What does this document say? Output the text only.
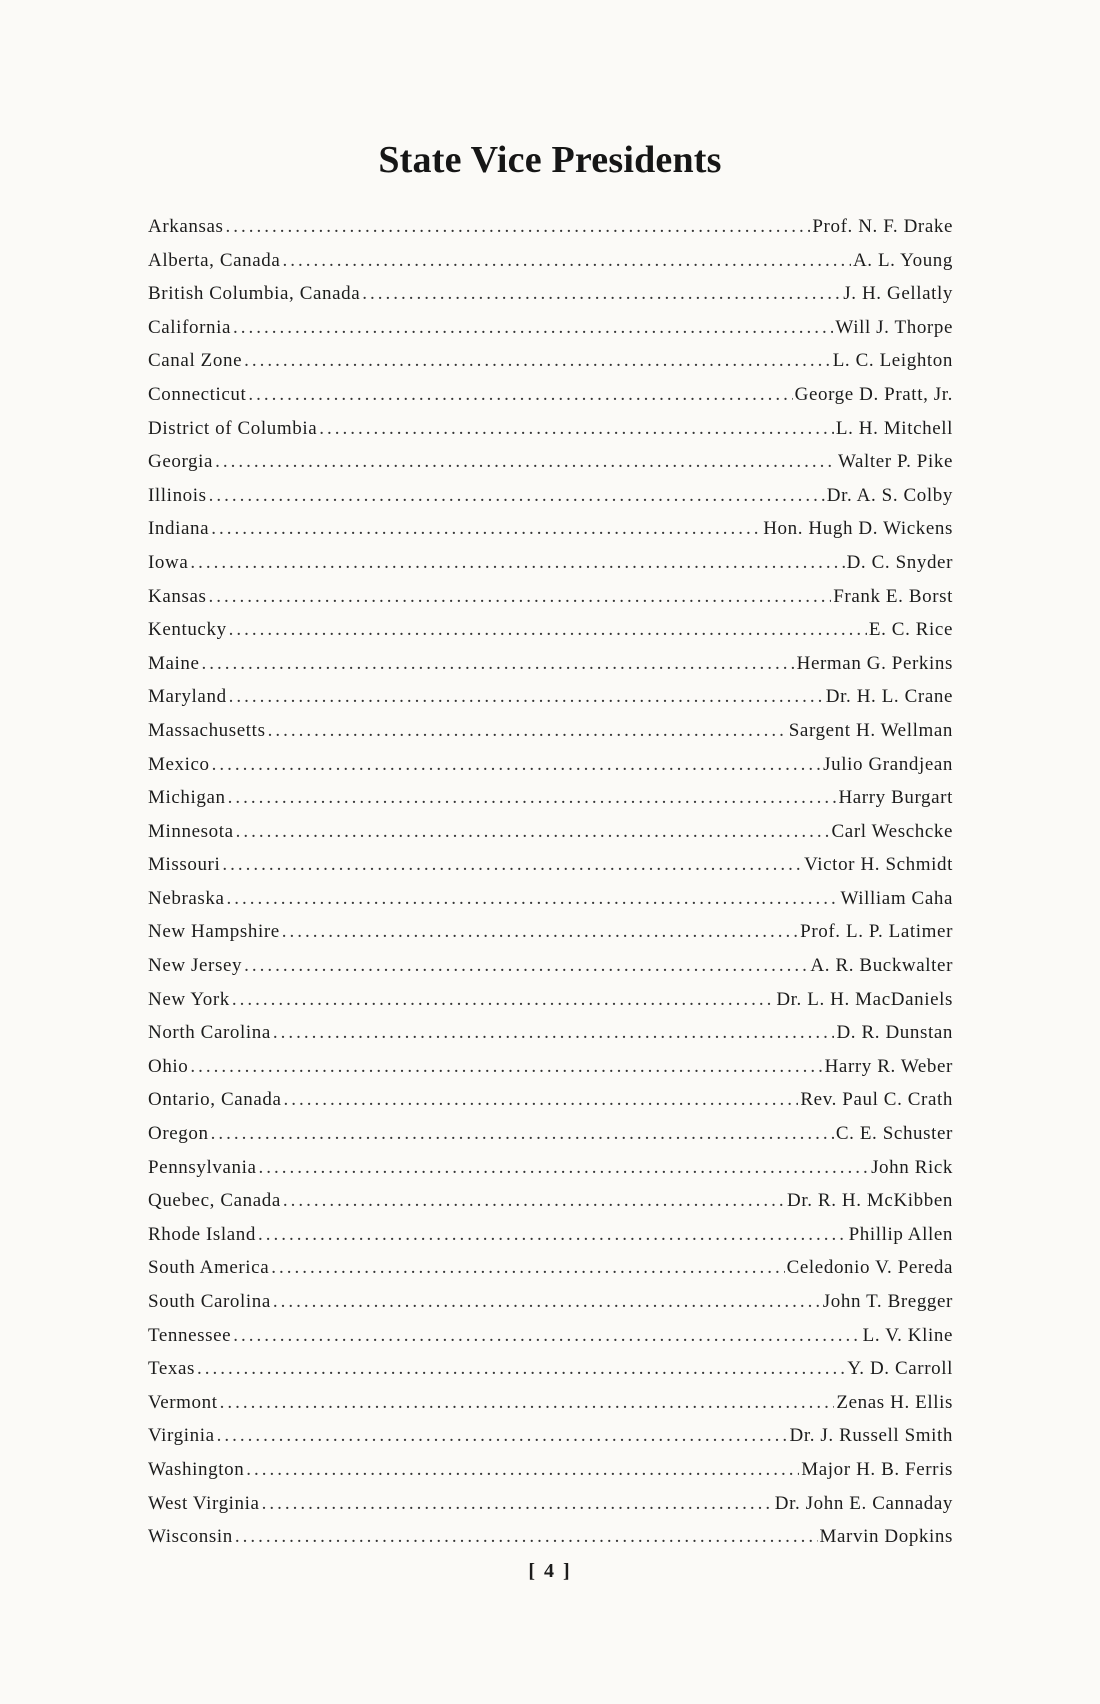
State Vice Presidents
Arkansas .....	Prof. N. F. Drake
Alberta, Canada .....	A. L. Young
British Columbia, Canada .....	J. H. Gellatly
California .....	Will J. Thorpe
Canal Zone .....	L. C. Leighton
Connecticut .....	George D. Pratt, Jr.
District of Columbia .....	L. H. Mitchell
Georgia .....	Walter P. Pike
Illinois .....	Dr. A. S. Colby
Indiana .....	Hon. Hugh D. Wickens
Iowa .....	D. C. Snyder
Kansas .....	Frank E. Borst
Kentucky .....	E. C. Rice
Maine .....	Herman G. Perkins
Maryland .....	Dr. H. L. Crane
Massachusetts .....	Sargent H. Wellman
Mexico .....	Julio Grandjean
Michigan .....	Harry Burgart
Minnesota .....	Carl Weschcke
Missouri .....	Victor H. Schmidt
Nebraska .....	William Caha
New Hampshire .....	Prof. L. P. Latimer
New Jersey .....	A. R. Buckwalter
New York .....	Dr. L. H. MacDaniels
North Carolina .....	D. R. Dunstan
Ohio .....	Harry R. Weber
Ontario, Canada .....	Rev. Paul C. Crath
Oregon .....	C. E. Schuster
Pennsylvania .....	John Rick
Quebec, Canada .....	Dr. R. H. McKibben
Rhode Island .....	Phillip Allen
South America .....	Celedonio V. Pereda
South Carolina .....	John T. Bregger
Tennessee .....	L. V. Kline
Texas .....	Y. D. Carroll
Vermont .....	Zenas H. Ellis
Virginia .....	Dr. J. Russell Smith
Washington .....	Major H. B. Ferris
West Virginia .....	Dr. John E. Cannaday
Wisconsin .....	Marvin Dopkins
[ 4 ]
